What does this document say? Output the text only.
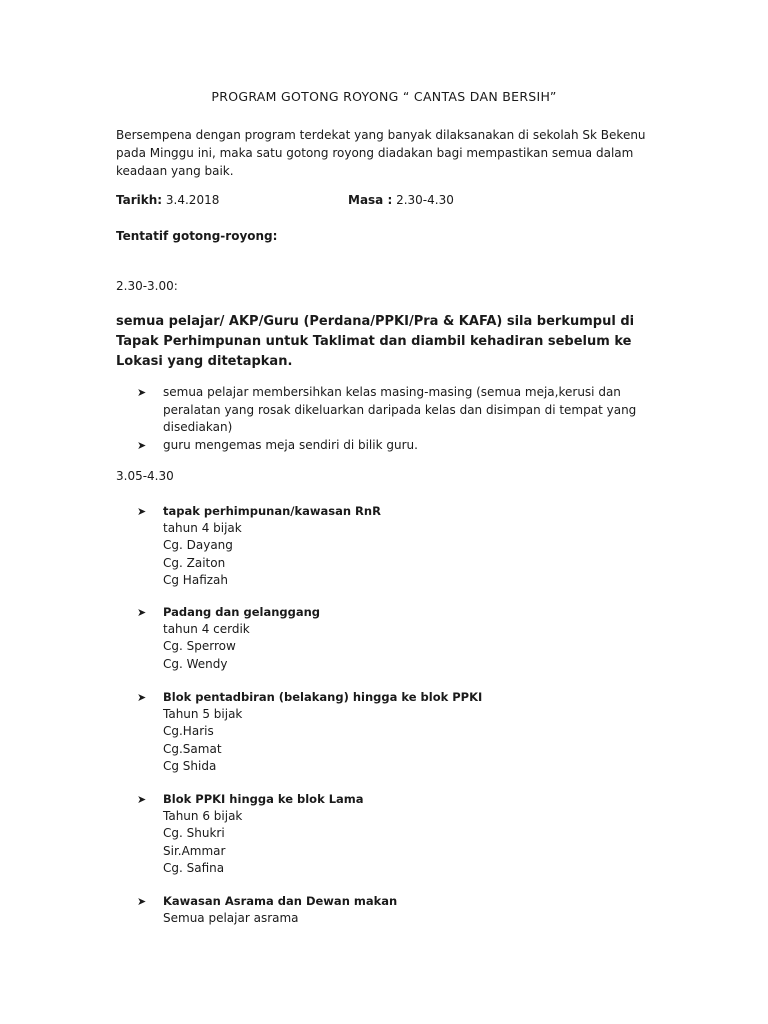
PROGRAM GOTONG ROYONG “ CANTAS DAN BERSIH”
Bersempena dengan program terdekat yang banyak dilaksanakan di sekolah Sk Bekenu pada Minggu ini, maka satu gotong royong diadakan bagi mempastikan semua dalam keadaan yang baik.
Tarikh: 3.4.2018	Masa : 2.30-4.30
Tentatif gotong-royong:
2.30-3.00:
semua pelajar/ AKP/Guru (Perdana/PPKI/Pra & KAFA) sila berkumpul di Tapak Perhimpunan untuk Taklimat dan diambil kehadiran sebelum ke Lokasi yang ditetapkan.
➤ semua pelajar membersihkan kelas masing-masing (semua meja,kerusi dan peralatan yang rosak dikeluarkan daripada kelas dan disimpan di tempat yang disediakan)
➤ guru mengemas meja sendiri di bilik guru.
3.05-4.30
➤ tapak perhimpunan/kawasan RnR
tahun 4 bijak
Cg. Dayang
Cg. Zaiton
Cg Hafizah
➤ Padang dan gelanggang
tahun 4 cerdik
Cg. Sperrow
Cg. Wendy
➤ Blok pentadbiran (belakang) hingga ke blok PPKI
Tahun 5 bijak
Cg.Haris
Cg.Samat
Cg Shida
➤ Blok PPKI hingga ke blok Lama
Tahun 6 bijak
Cg. Shukri
Sir.Ammar
Cg. Safina
➤ Kawasan Asrama dan Dewan makan
Semua pelajar asrama
